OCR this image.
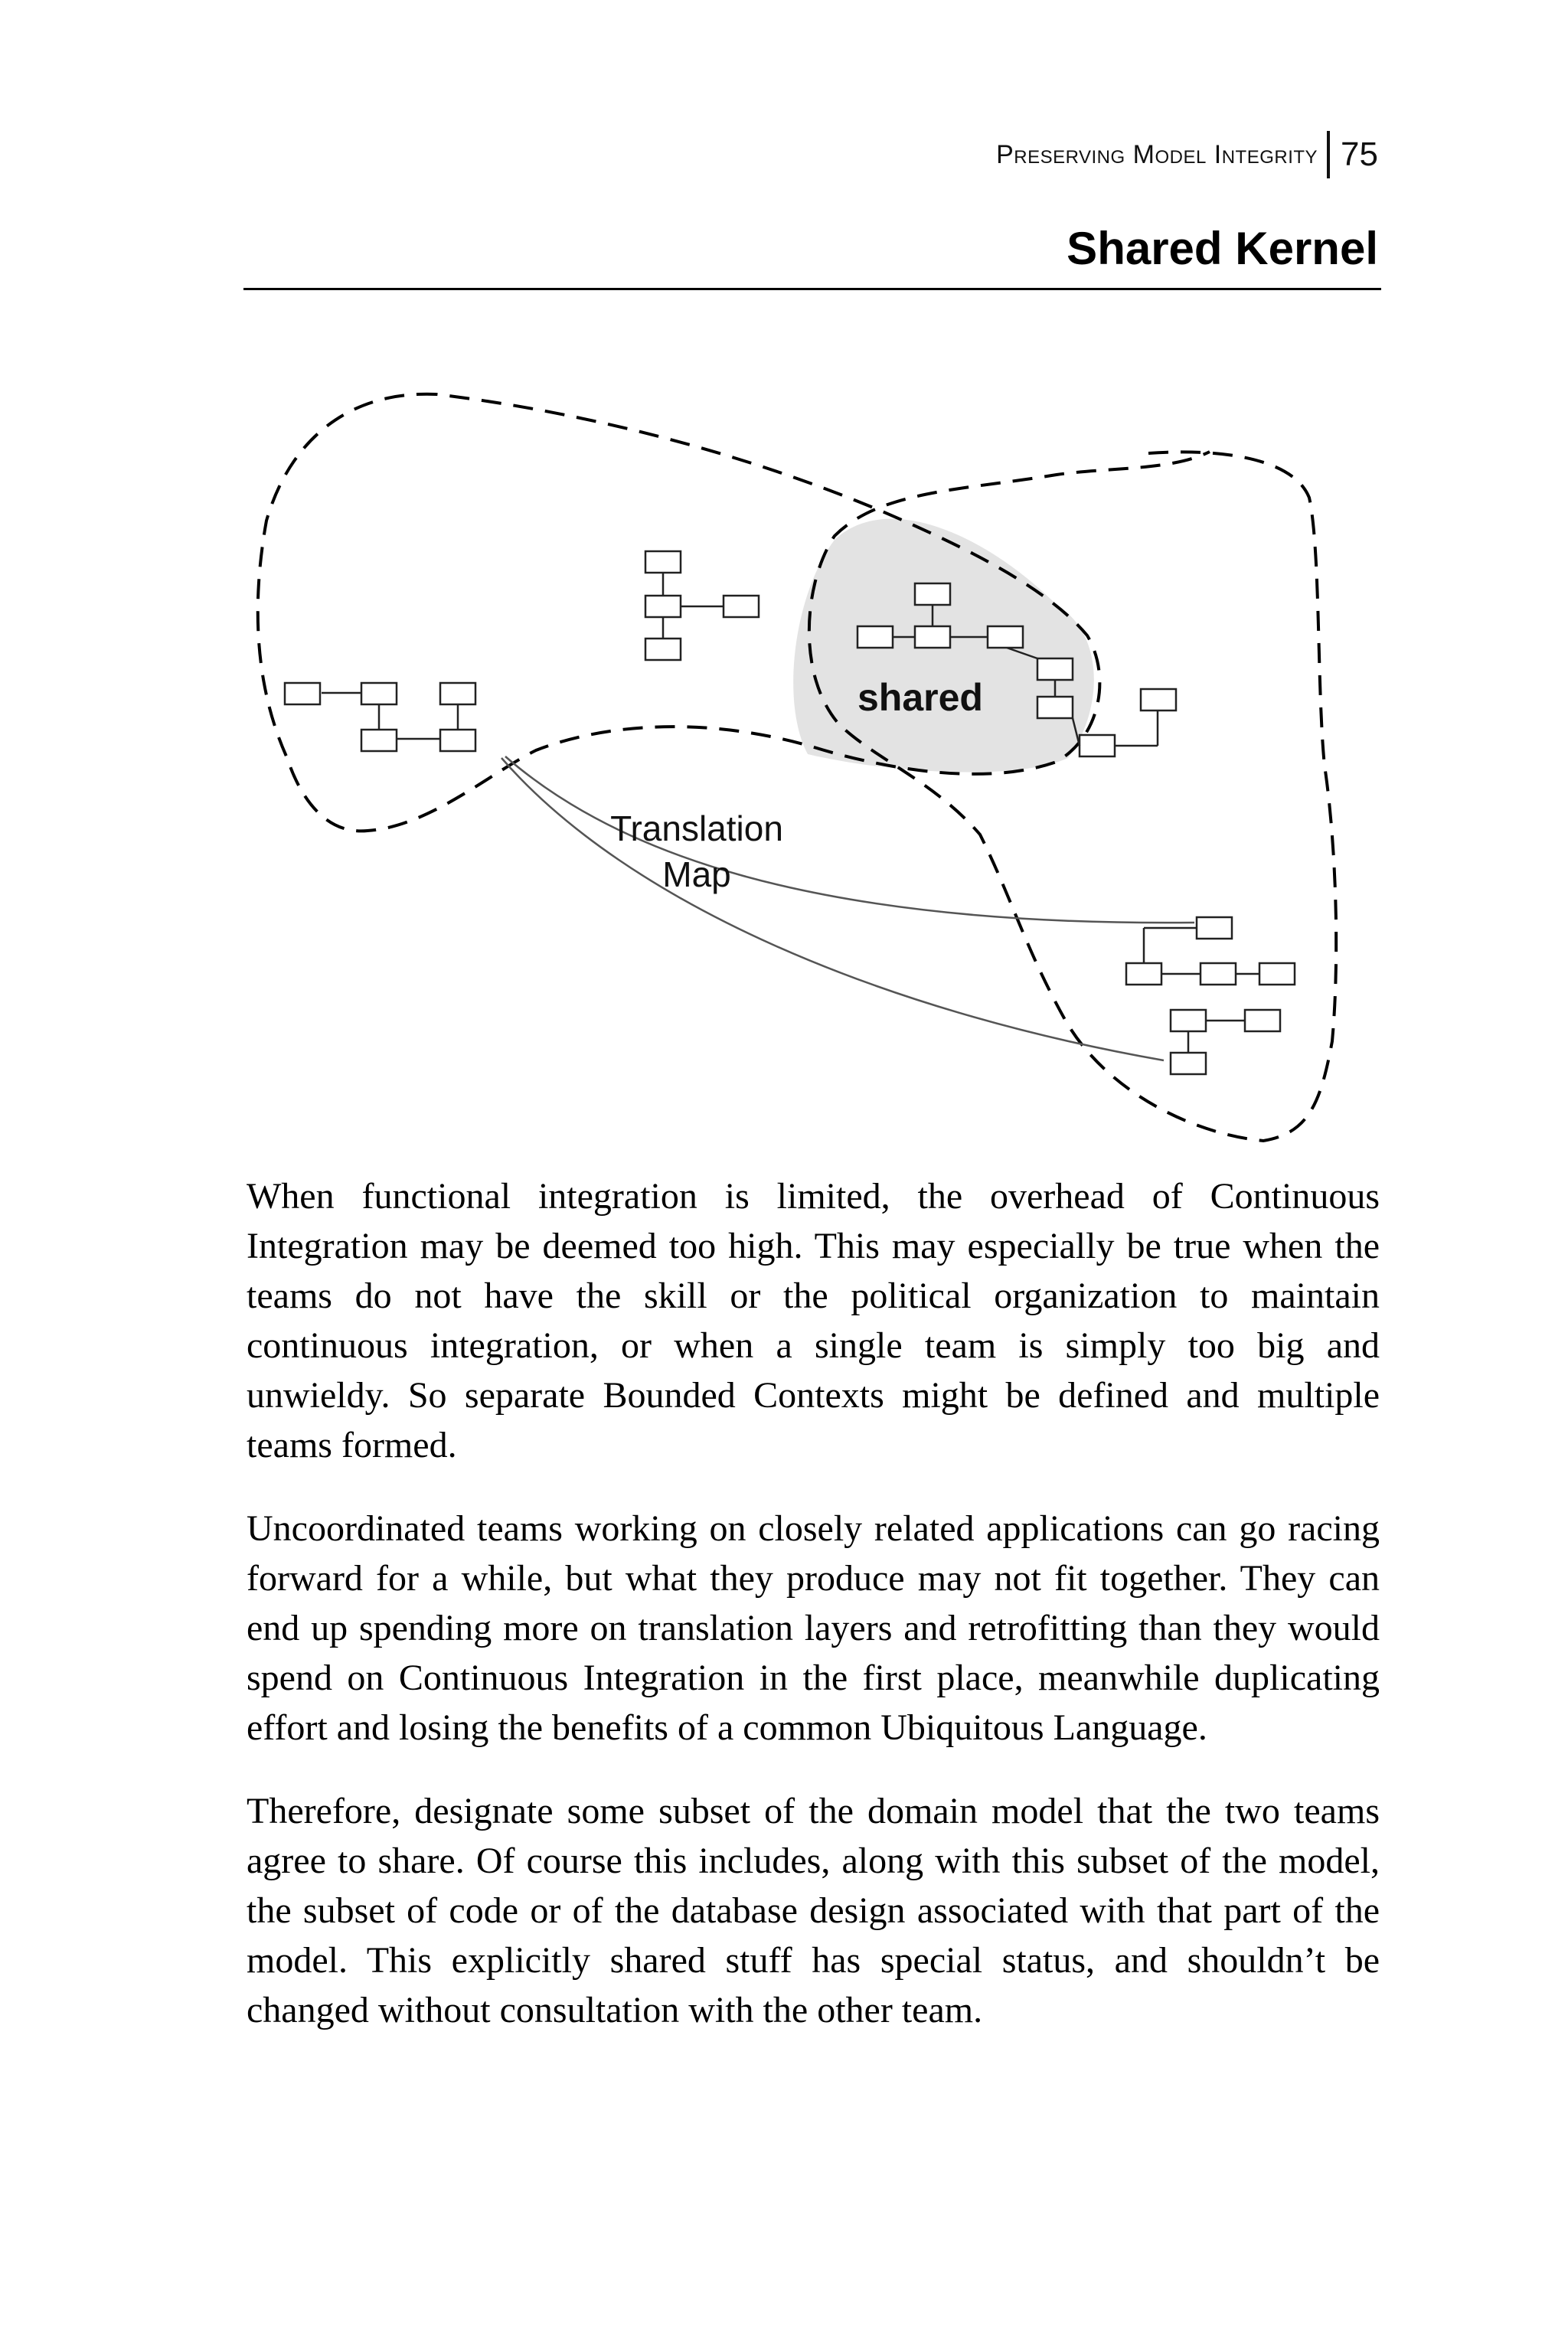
Preserving Model Integrity 75
Shared Kernel
shared
Translation
Map

When functional integration is limited, the overhead of Continuous Integration may be deemed too high. This may especially be true when the teams do not have the skill or the political organization to maintain continuous integration, or when a single team is simply too big and unwieldy. So separate Bounded Contexts might be defined and multiple teams formed.

Uncoordinated teams working on closely related applications can go racing forward for a while, but what they produce may not fit together. They can end up spending more on translation layers and retrofitting than they would spend on Continuous Integration in the first place, meanwhile duplicating effort and losing the benefits of a common Ubiquitous Language.

Therefore, designate some subset of the domain model that the two teams agree to share. Of course this includes, along with this subset of the model, the subset of code or of the database design associated with that part of the model. This explicitly shared stuff has special status, and shouldn’t be changed without consultation with the other team.
